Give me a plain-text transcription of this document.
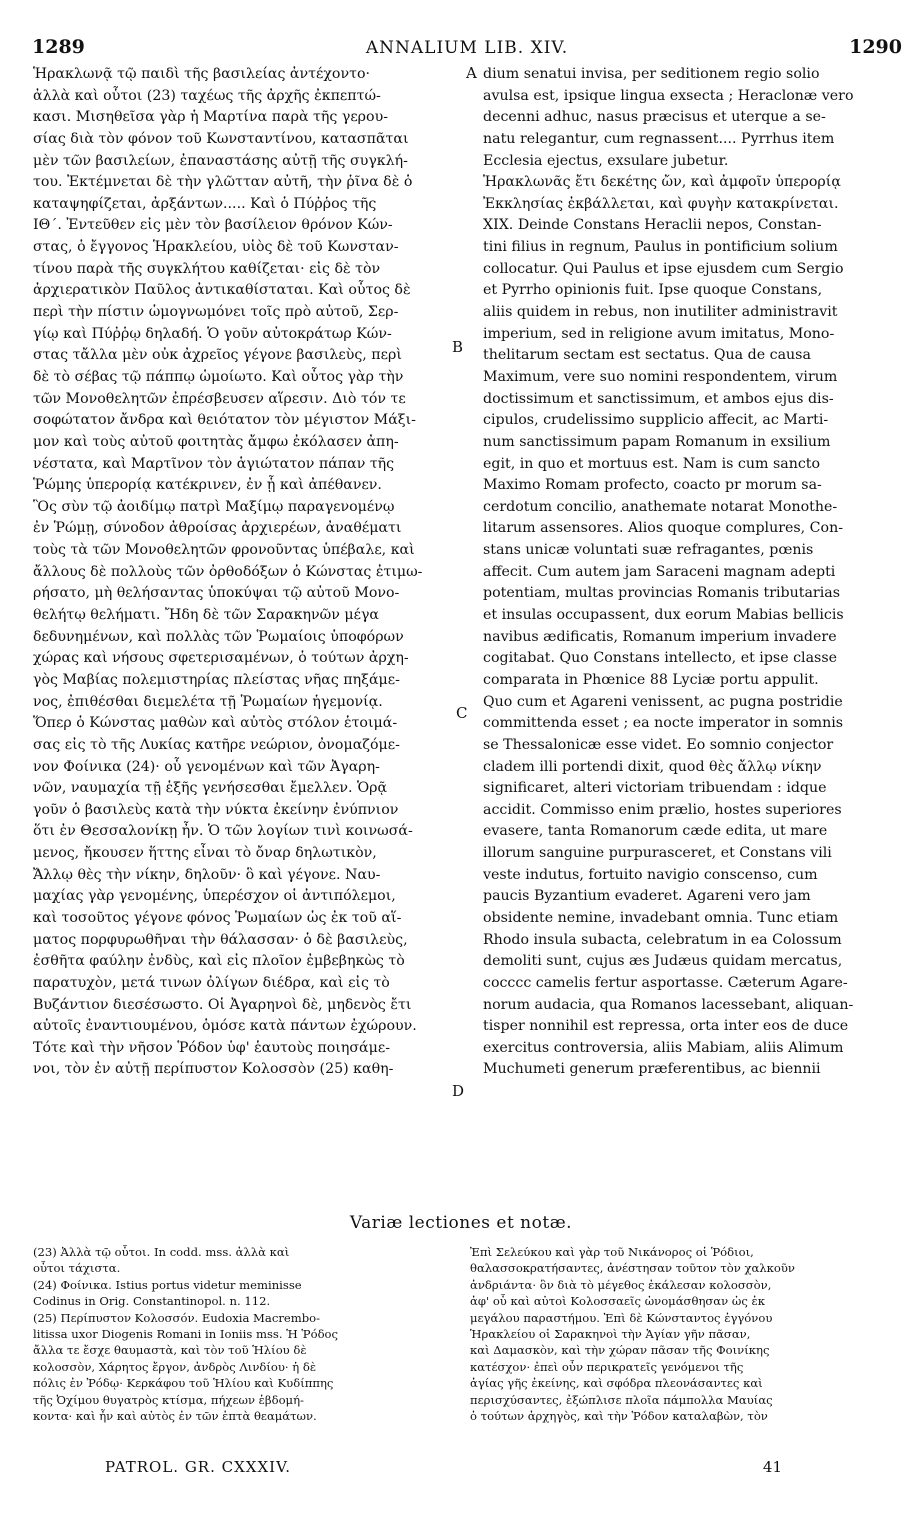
1289	ANNALIUM LIB. XIV.	1290
Ἡρακλωνᾷ τῷ παιδὶ τῆς βασιλείας ἀντέχοντο·
ἀλλὰ καὶ οὗτοι (23) ταχέως τῆς ἀρχῆς ἐκπεπτώ-
κασι. Μισηθεῖσα γὰρ ἡ Μαρτίνα παρὰ τῆς γερου-
σίας διὰ τὸν φόνον τοῦ Κωνσταντίνου, κατασπᾶται
μὲν τῶν βασιλείων, ἐπαναστάσης αὐτῇ τῆς συγκλή-
του. Ἐκτέμνεται δὲ τὴν γλῶτταν αὐτῆ, τὴν ῥῖνα δὲ ὁ
καταψηφίζεται, ἀρξάντων..... Καὶ ὁ Πύῤῥος τῆς
ΙΘ΄. Ἐντεῦθεν εἰς μὲν τὸν βασίλειον θρόνον Κών-
στας, ὁ ἔγγονος Ἡρακλείου, υἱὸς δὲ τοῦ Κωνσταν-
τίνου παρὰ τῆς συγκλήτου καθίζεται· εἰς δὲ τὸν
ἀρχιερατικὸν Παῦλος ἀντικαθίσταται. Καὶ οὗτος δὲ
περὶ τὴν πίστιν ὡμογνωμόνει τοῖς πρὸ αὐτοῦ, Σερ-
γίῳ καὶ Πύῤῥῳ δηλαδή. Ὁ γοῦν αὐτοκράτωρ Κών-
στας τἄλλα μὲν οὐκ ἀχρεῖος γέγονε βασιλεὺς, περὶ
δὲ τὸ σέβας τῷ πάππῳ ὡμοίωτο. Καὶ οὗτος γὰρ τὴν
τῶν Μονοθελητῶν ἐπρέσβευσεν αἵρεσιν. Διὸ τόν τε
σοφώτατον ἄνδρα καὶ θειότατον τὸν μέγιστον Μάξι-
μον καὶ τοὺς αὐτοῦ φοιτητὰς ἄμφω ἐκόλασεν ἀπη-
νέστατα, καὶ Μαρτῖνον τὸν ἁγιώτατον πάπαν τῆς
Ῥώμης ὑπερορίᾳ κατέκρινεν, ἐν ᾗ καὶ ἀπέθανεν.
Ὃς σὺν τῷ ἀοιδίμῳ πατρὶ Μαξίμῳ παραγενομένῳ
ἐν Ῥώμῃ, σύνοδον ἀθροίσας ἀρχιερέων, ἀναθέματι
τοὺς τὰ τῶν Μονοθελητῶν φρονοῦντας ὑπέβαλε, καὶ
ἄλλους δὲ πολλοὺς τῶν ὀρθοδόξων ὁ Κώνστας ἐτιμω-
ρήσατο, μὴ θελήσαντας ὑποκύψαι τῷ αὐτοῦ Μονο-
θελήτῳ θελήματι. Ἤδη δὲ τῶν Σαρακηνῶν μέγα
δεδυνημένων, καὶ πολλὰς τῶν Ῥωμαίοις ὑποφόρων
χώρας καὶ νήσους σφετερισαμένων, ὁ τούτων ἀρχη-
γὸς Μαβίας πολεμιστηρίας πλείστας νῆας πηξάμε-
νος, ἐπιθέσθαι διεμελέτα τῇ Ῥωμαίων ἡγεμονίᾳ.
Ὅπερ ὁ Κώνστας μαθὼν καὶ αὐτὸς στόλον ἑτοιμά-
σας εἰς τὸ τῆς Λυκίας κατῆρε νεώριον, ὀνομαζόμε-
νον Φοίνικα (24)· οὗ γενομένων καὶ τῶν Ἀγαρη-
νῶν, ναυμαχία τῇ ἑξῆς γενήσεσθαι ἔμελλεν. Ὁρᾷ
γοῦν ὁ βασιλεὺς κατὰ τὴν νύκτα ἐκείνην ἐνύπνιον
ὅτι ἐν Θεσσαλονίκῃ ἦν. Ὁ τῶν λογίων τινὶ κοινωσά-
μενος, ἤκουσεν ἥττης εἶναι τὸ ὄναρ δηλωτικὸν,
Ἄλλῳ θὲς τὴν νίκην, δηλοῦν· ὃ καὶ γέγονε. Ναυ-
μαχίας γὰρ γενομένης, ὑπερέσχον οἱ ἀντιπόλεμοι,
καὶ τοσοῦτος γέγονε φόνος Ῥωμαίων ὡς ἐκ τοῦ αἵ-
ματος πορφυρωθῆναι τὴν θάλασσαν· ὁ δὲ βασιλεὺς,
ἐσθῆτα φαύλην ἐνδὺς, καὶ εἰς πλοῖον ἐμβεβηκὼς τὸ
παρατυχὸν, μετά τινων ὀλίγων διέδρα, καὶ εἰς τὸ
Βυζάντιον διεσέσωστο. Οἱ Ἀγαρηνοὶ δὲ, μηδενὸς ἔτι
αὐτοῖς ἐναντιουμένου, ὁμόσε κατὰ πάντων ἐχώρουν.
Τότε καὶ τὴν νῆσον Ῥόδον ὑφ' ἑαυτοὺς ποιησάμε-
νοι, τὸν ἐν αὐτῇ περίπυστον Κολοσσὸν (25) καθη-
dium senatui invisa, per seditionem regio solio
avulsa est, ipsique lingua exsecta ; Heraclonæ vero
decenni adhuc, nasus præcisus et uterque a se-
natu relegantur, cum regnassent.... Pyrrhus item
Ecclesia ejectus, exsulare jubetur.
Ἡρακλωνᾶς ἔτι δεκέτης ὤν, καὶ ἀμφοῖν ὑπερορίᾳ
Ἐκκλησίας ἐκβάλλεται, καὶ φυγὴν κατακρίνεται.
XIX. Deinde Constans Heraclii nepos, Constan-
tini filius in regnum, Paulus in pontificium solium
collocatur. Qui Paulus et ipse ejusdem cum Sergio
et Pyrrho opinionis fuit. Ipse quoque Constans,
aliis quidem in rebus, non inutiliter administravit
imperium, sed in religione avum imitatus, Mono-
thelitarum sectam est sectatus. Qua de causa
Maximum, vere suo nomini respondentem, virum
doctissimum et sanctissimum, et ambos ejus dis-
cipulos, crudelissimo supplicio affecit, ac Marti-
num sanctissimum papam Romanum in exsilium
egit, in quo et mortuus est. Nam is cum sancto
Maximo Romam profecto, coacto pr morum sa-
cerdotum concilio, anathemate notarat Monothe-
litarum assensores. Alios quoque complures, Con-
stans unicæ voluntati suæ refragantes, pœnis
affecit. Cum autem jam Saraceni magnam adepti
potentiam, multas provincias Romanis tributarias
et insulas occupassent, dux eorum Mabias bellicis
navibus ædificatis, Romanum imperium invadere
cogitabat. Quo Constans intellecto, et ipse classe
comparata in Phœnice 88 Lyciæ portu appulit.
Quo cum et Agareni venissent, ac pugna postridie
committenda esset ; ea nocte imperator in somnis
se Thessalonicæ esse videt. Eo somnio conjector
cladem illi portendi dixit, quod θὲς ἄλλῳ νίκην
significaret, alteri victoriam tribuendam : idque
accidit. Commisso enim prælio, hostes superiores
evasere, tanta Romanorum cæde edita, ut mare
illorum sanguine purpurasceret, et Constans vili
veste indutus, fortuito navigio conscenso, cum
paucis Byzantium evaderet. Agareni vero jam
obsidente nemine, invadebant omnia. Tunc etiam
Rhodo insula subacta, celebratum in ea Colossum
demoliti sunt, cujus æs Judæus quidam mercatus,
cocccc camelis fertur asportasse. Cæterum Agare-
norum audacia, qua Romanos lacessebant, aliquan-
tisper nonnihil est repressa, orta inter eos de duce
exercitus controversia, aliis Mabiam, aliis Alimum
Muchumeti generum præferentibus, ac biennii
A
B
C
D
Variæ lectiones et notæ.
(23) Ἀλλὰ τῷ οὗτοι. In codd. mss. ἀλλὰ καὶ
οὗτοι τάχιστα.
(24) Φοίνικα. Istius portus videtur meminisse
Codinus in Orig. Constantinopol. n. 112.
(25) Περίπυστον Κολοσσόν. Eudoxia Macrembo-
litissa uxor Diogenis Romani in Ioniis mss. Ἡ Ῥόδος
ἄλλα τε ἔσχε θαυμαστὰ, καὶ τὸν τοῦ Ἡλίου δὲ
κολοσσὸν, Χάρητος ἔργον, ἀνδρὸς Λινδίου· ἡ δὲ
πόλις ἐν Ῥόδῳ· Κερκάφου τοῦ Ἡλίου καὶ Κυδίππης
τῆς Ὀχίμου θυγατρὸς κτίσμα, πήχεων ἑβδομή-
κοντα· καὶ ἦν καὶ αὐτὸς ἐν τῶν ἑπτὰ θεαμάτων.
Ἐπὶ Σελεύκου καὶ γὰρ τοῦ Νικάνορος οἱ Ῥόδιοι,
θαλασσοκρατήσαντες, ἀνέστησαν τοῦτον τὸν χαλκοῦν
ἀνδριάντα· ὃν διὰ τὸ μέγεθος ἐκάλεσαν κολοσσὸν,
ἀφ' οὗ καὶ αὐτοὶ Κολοσσαεῖς ὠνομάσθησαν ὡς ἐκ
μεγάλου παραστήμου. Ἐπὶ δὲ Κώνσταντος ἐγγόνου
Ἡρακλείου οἱ Σαρακηνοὶ τὴν Ἁγίαν γῆν πᾶσαν,
καὶ Δαμασκὸν, καὶ τὴν χώραν πᾶσαν τῆς Φοινίκης
κατέσχον· ἐπεὶ οὖν περικρατεῖς γενόμενοι τῆς
ἁγίας γῆς ἐκείνης, καὶ σφόδρα πλεονάσαντες καὶ
περισχύσαντες, ἐξώπλισε πλοῖα πάμπολλα Μαυίας
ὁ τούτων ἀρχηγὸς, καὶ τὴν Ῥόδον καταλαβὼν, τὸν
PATROL. GR. CXXXIV.	41
